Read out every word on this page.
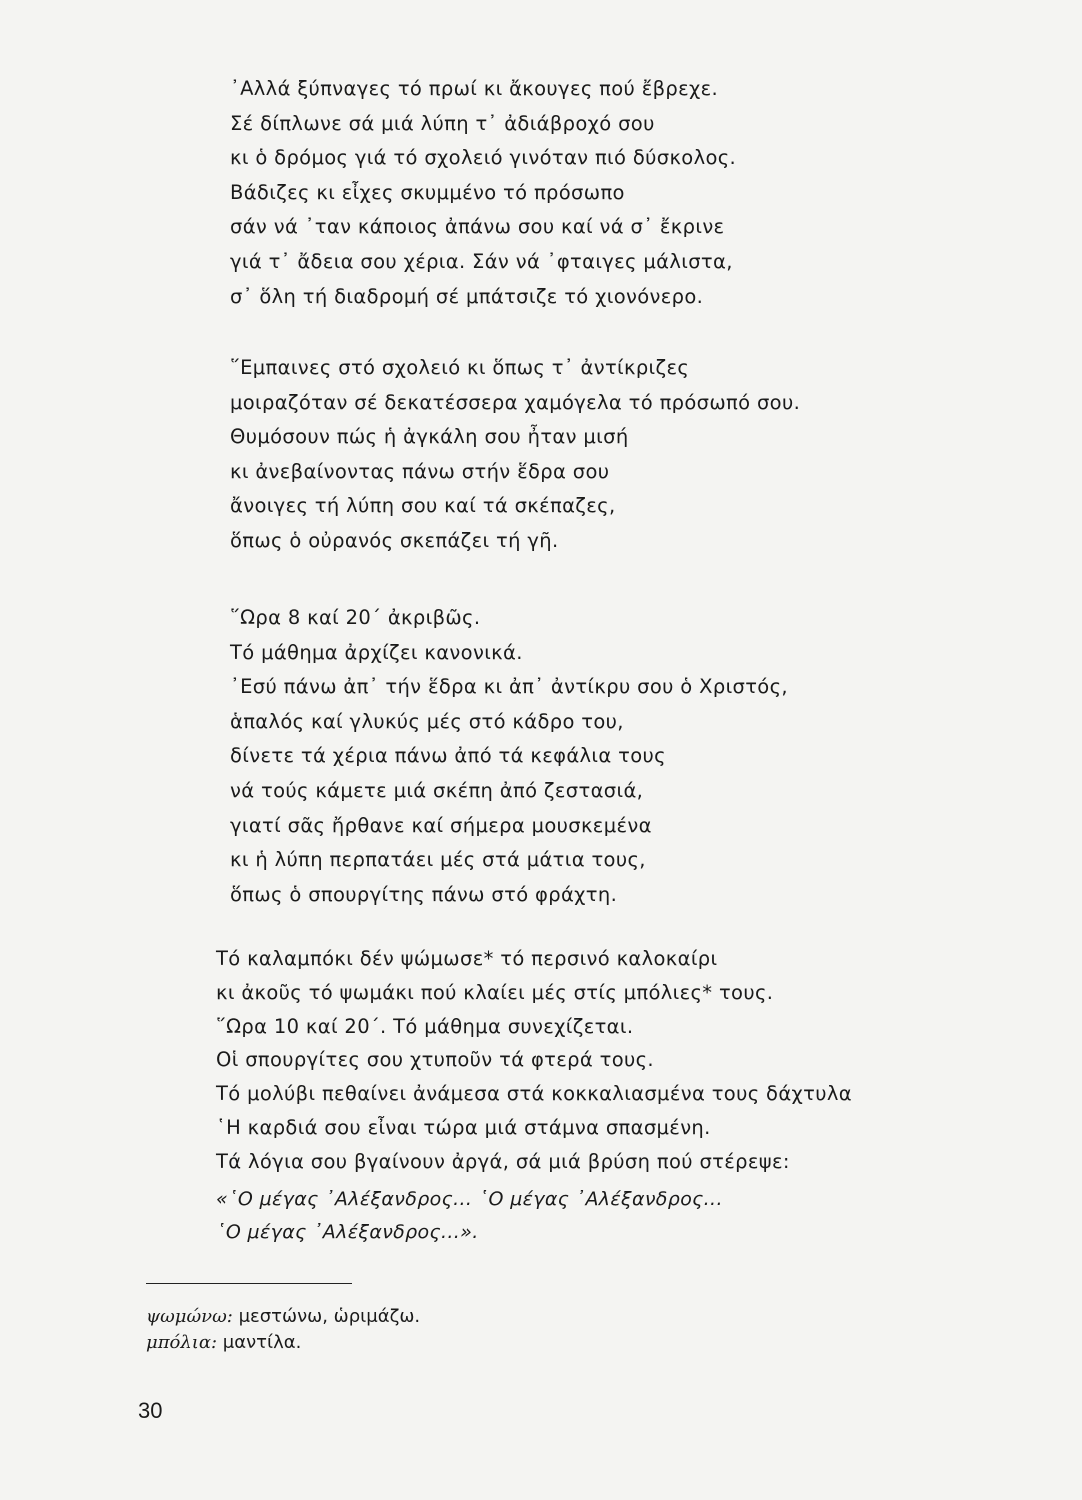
᾿Αλλά ξύπναγες τό πρωί κι ἄκουγες πού ἔβρεχε.
Σέ δίπλωνε σά μιά λύπη τ᾿ ἀδιάβροχό σου
κι ὁ δρόμος γιά τό σχολειό γινόταν πιό δύσκολος.
Βάδιζες κι εἶχες σκυμμένο τό πρόσωπο
σάν νά ᾿ταν κάποιος ἀπάνω σου καί νά σ᾿ ἔκρινε
γιά τ᾿ ἄδεια σου χέρια. Σάν νά ᾿φταιγες μάλιστα,
σ᾿ ὅλη τή διαδρομή σέ μπάτσιζε τό χιονόνερο.
῞Εμπαινες στό σχολειό κι ὅπως τ᾿ ἀντίκριζες
μοιραζόταν σέ δεκατέσσερα χαμόγελα τό πρόσωπό σου.
Θυμόσουν πώς ἡ ἀγκάλη σου ἦταν μισή
κι ἀνεβαίνοντας πάνω στήν ἕδρα σου
ἄνοιγες τή λύπη σου καί τά σκέπαζες,
ὅπως ὁ οὐρανός σκεπάζει τή γῆ.
῞Ωρα 8 καί 20΄ ἀκριβῶς.
Τό μάθημα ἀρχίζει κανονικά.
᾿Εσύ πάνω ἀπ᾿ τήν ἕδρα κι ἀπ᾿ ἀντίκρυ σου ὁ Χριστός,
ἁπαλός καί γλυκύς μές στό κάδρο του,
δίνετε τά χέρια πάνω ἀπό τά κεφάλια τους
νά τούς κάμετε μιά σκέπη ἀπό ζεστασιά,
γιατί σᾶς ἤρθανε καί σήμερα μουσκεμένα
κι ἡ λύπη περπατάει μές στά μάτια τους,
ὅπως ὁ σπουργίτης πάνω στό φράχτη.
Τό καλαμπόκι δέν ψώμωσε* τό περσινό καλοκαίρι
κι ἀκοῦς τό ψωμάκι πού κλαίει μές στίς μπόλιες* τους.
῞Ωρα 10 καί 20΄. Τό μάθημα συνεχίζεται.
Οἱ σπουργίτες σου χτυποῦν τά φτερά τους.
Τό μολύβι πεθαίνει ἀνάμεσα στά κοκκαλιασμένα τους δάχτυλα
῾Η καρδιά σου εἶναι τώρα μιά στάμνα σπασμένη.
Τά λόγια σου βγαίνουν ἀργά, σά μιά βρύση πού στέρεψε:
«῾Ο μέγας ᾿Αλέξανδρος... ῾Ο μέγας ᾿Αλέξανδρος...
῾Ο μέγας ᾿Αλέξανδρος...».
ψωμώνω: μεστώνω, ὡριμάζω.
μπόλια: μαντίλα.
30
